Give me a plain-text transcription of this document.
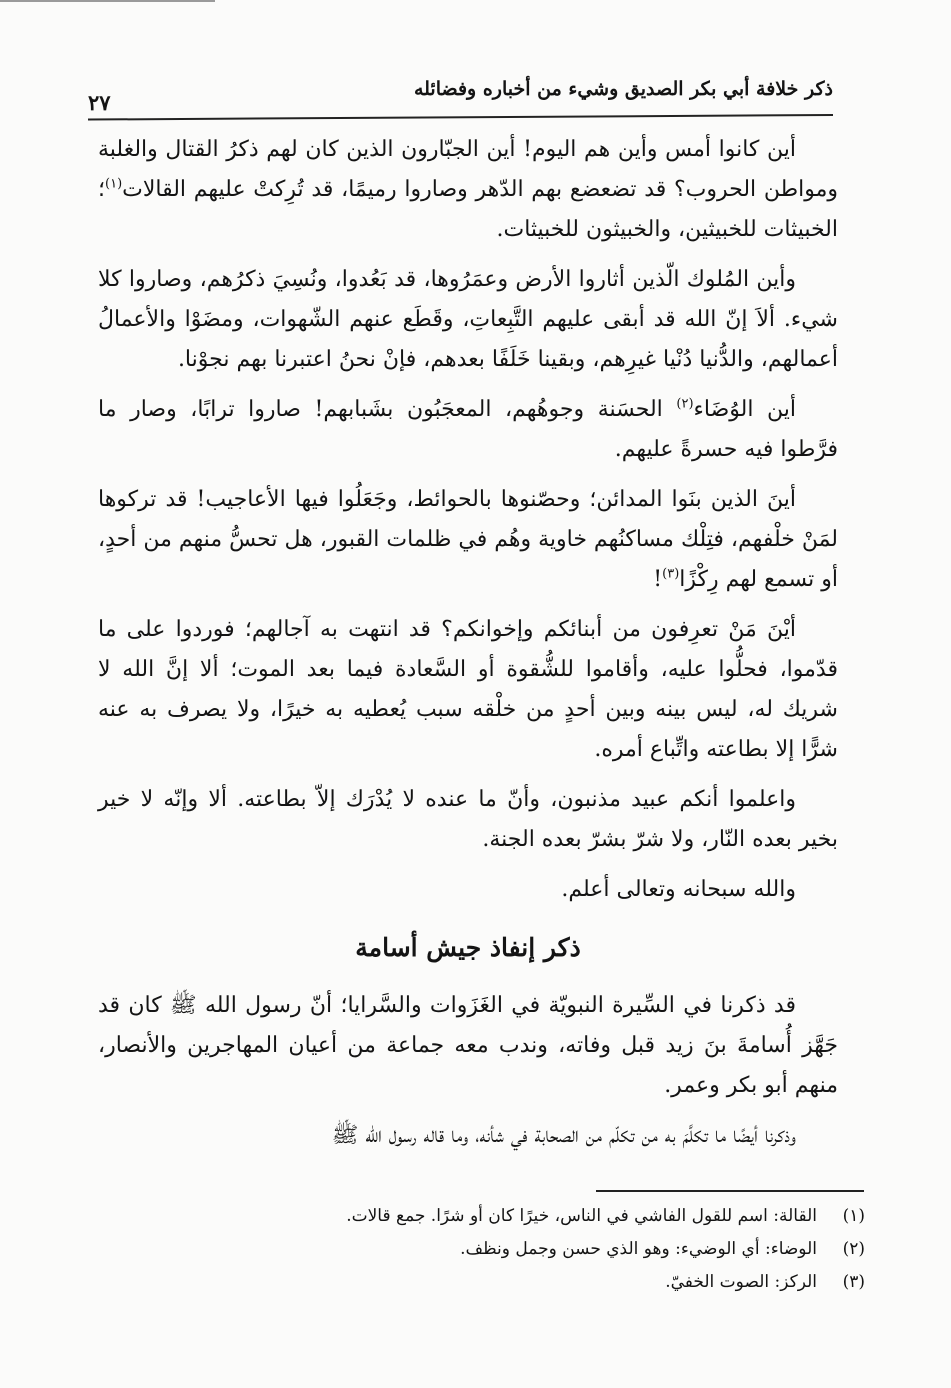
ذكر خلافة أبي بكر الصديق وشيء من أخباره وفضائله
٢٧

أين كانوا أمس وأين هم اليوم! أين الجبّارون الذين كان لهم ذكرُ القتال والغلبة ومواطن الحروب؟ قد تضعضع بهم الدّهر وصاروا رميمًا، قد تُرِكتْ عليهم القالات$^{(١)}$؛ الخبيثات للخبيثين، والخبيثون للخبيثات.

وأين المُلوك الّذين أثاروا الأرض وعمَرُوها، قد بَعُدوا، ونُسِيَ ذكرُهم، وصاروا كلا شيء. ألاَ إنّ الله قد أبقى عليهم التَّبِعاتِ، وقَطَع عنهم الشّهوات، ومضَوْا والأعمالُ أعمالهم، والدُّنيا دُنْيا غيرِهم، وبقينا خَلَفًا بعدهم، فإنْ نحنُ اعتبرنا بهم نجوْنا.

أين الوُضَاء$^{(٢)}$ الحسَنة وجوهُهم، المعجَبُون بشَبابهم! صاروا ترابًا، وصار ما فرَّطوا فيه حسرةً عليهم.

أينَ الذين بنَوا المدائن؛ وحصّنوها بالحوائط، وجَعَلُوا فيها الأعاجيب! قد تركوها لمَنْ خلْفهم، فتِلْك مساكنُهم خاوية وهُم في ظلمات القبور، هل تحسُّ منهم من أحدٍ، أو تسمع لهم رِكْزًا$^{(٣)}$!

أيْنَ مَنْ تعرِفون من أبنائكم وإخوانكم؟ قد انتهت به آجالهم؛ فوردوا على ما قدّموا، فحلُّوا عليه، وأقاموا للشُّقوة أو السَّعادة فيما بعد الموت؛ ألا إنَّ الله لا شريك له، ليس بينه وبين أحدٍ من خلْقه سبب يُعطيه به خيرًا، ولا يصرف به عنه شرًّا إلا بطاعته واتِّباع أمره.

واعلموا أنكم عبيد مذنبون، وأنّ ما عنده لا يُدْرَك إلاّ بطاعته. ألا وإنّه لا خير بخير بعده النّار، ولا شرّ بشرّ بعده الجنة.

والله سبحانه وتعالى أعلم.

ذكر إنفاذ جيش أسامة

قد ذكرنا في السِّيرة النبويّة في الغَزَوات والسَّرايا؛ أنّ رسول الله ﷺ كان قد جَهَّز أُسامةَ بنَ زيد قبل وفاته، وندب معه جماعة من أعيان المهاجرين والأنصار، منهم أبو بكر وعمر.

وذكرنا أيضًا ما تكلَّمَ به من تكلّم من الصحابة في شأنه، وما قاله رسول الله ﷺ

(١)القالة: اسم للقول الفاشي في الناس، خيرًا كان أو شرًا. جمع قالات.
(٢)الوضاء: أي الوضيء: وهو الذي حسن وجمل ونظف.
(٣)الركز: الصوت الخفيّ.
